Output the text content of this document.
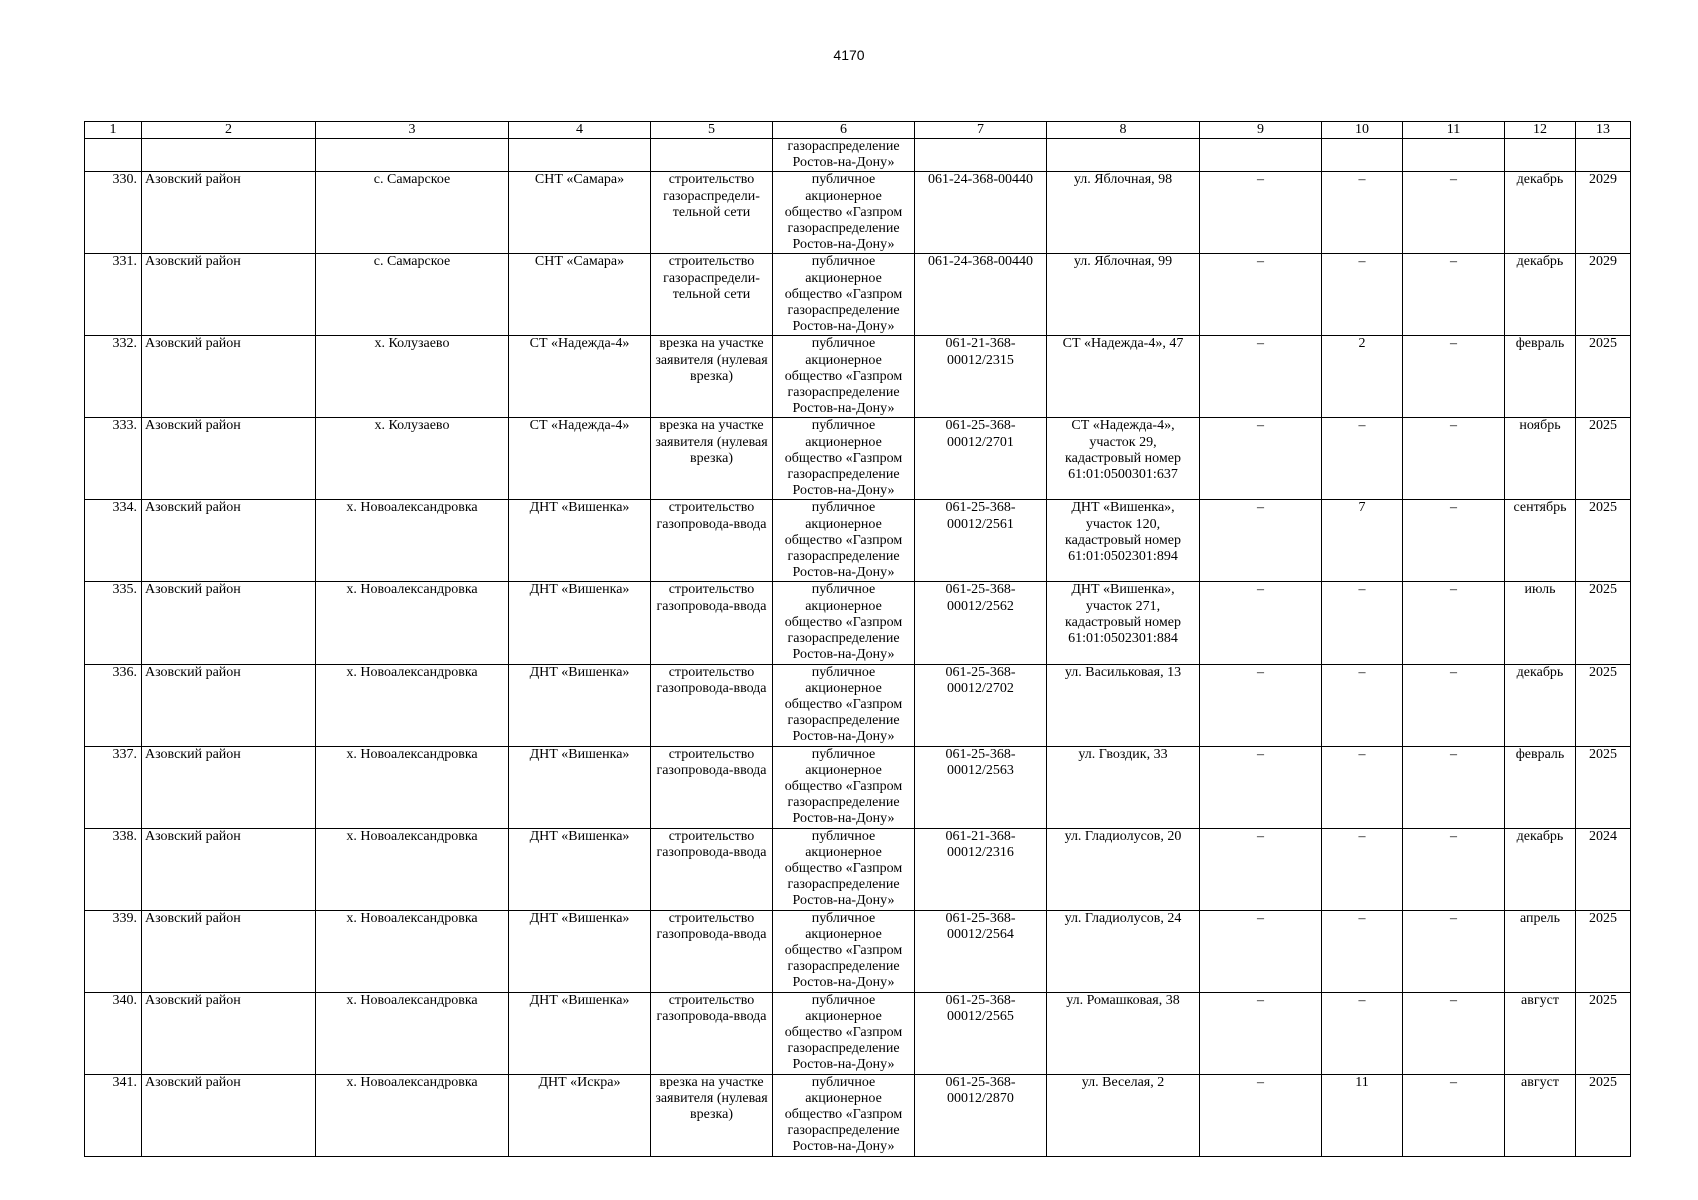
4170
1	2	3	4	5	6	7	8	9	10	11	12	13
					газораспределение Ростов-на-Дону»							
330.	Азовский район	с. Самарское	СНТ «Самара»	строительство газораспредели-тельной сети	публичное акционерное общество «Газпром газораспределение Ростов-на-Дону»	061-24-368-00440	ул. Яблочная, 98	–	–	–	декабрь	2029
331.	Азовский район	с. Самарское	СНТ «Самара»	строительство газораспредели-тельной сети	публичное акционерное общество «Газпром газораспределение Ростов-на-Дону»	061-24-368-00440	ул. Яблочная, 99	–	–	–	декабрь	2029
332.	Азовский район	х. Колузаево	СТ «Надежда-4»	врезка на участке заявителя (нулевая врезка)	публичное акционерное общество «Газпром газораспределение Ростов-на-Дону»	061-21-368-00012/2315	СТ «Надежда-4», 47	–	2	–	февраль	2025
333.	Азовский район	х. Колузаево	СТ «Надежда-4»	врезка на участке заявителя (нулевая врезка)	публичное акционерное общество «Газпром газораспределение Ростов-на-Дону»	061-25-368-00012/2701	СТ «Надежда-4», участок 29, кадастровый номер 61:01:0500301:637	–	–	–	ноябрь	2025
334.	Азовский район	х. Новоалександровка	ДНТ «Вишенка»	строительство газопровода-ввода	публичное акционерное общество «Газпром газораспределение Ростов-на-Дону»	061-25-368-00012/2561	ДНТ «Вишенка», участок 120, кадастровый номер 61:01:0502301:894	–	7	–	сентябрь	2025
335.	Азовский район	х. Новоалександровка	ДНТ «Вишенка»	строительство газопровода-ввода	публичное акционерное общество «Газпром газораспределение Ростов-на-Дону»	061-25-368-00012/2562	ДНТ «Вишенка», участок 271, кадастровый номер 61:01:0502301:884	–	–	–	июль	2025
336.	Азовский район	х. Новоалександровка	ДНТ «Вишенка»	строительство газопровода-ввода	публичное акционерное общество «Газпром газораспределение Ростов-на-Дону»	061-25-368-00012/2702	ул. Васильковая, 13	–	–	–	декабрь	2025
337.	Азовский район	х. Новоалександровка	ДНТ «Вишенка»	строительство газопровода-ввода	публичное акционерное общество «Газпром газораспределение Ростов-на-Дону»	061-25-368-00012/2563	ул. Гвоздик, 33	–	–	–	февраль	2025
338.	Азовский район	х. Новоалександровка	ДНТ «Вишенка»	строительство газопровода-ввода	публичное акционерное общество «Газпром газораспределение Ростов-на-Дону»	061-21-368-00012/2316	ул. Гладиолусов, 20	–	–	–	декабрь	2024
339.	Азовский район	х. Новоалександровка	ДНТ «Вишенка»	строительство газопровода-ввода	публичное акционерное общество «Газпром газораспределение Ростов-на-Дону»	061-25-368-00012/2564	ул. Гладиолусов, 24	–	–	–	апрель	2025
340.	Азовский район	х. Новоалександровка	ДНТ «Вишенка»	строительство газопровода-ввода	публичное акционерное общество «Газпром газораспределение Ростов-на-Дону»	061-25-368-00012/2565	ул. Ромашковая, 38	–	–	–	август	2025
341.	Азовский район	х. Новоалександровка	ДНТ «Искра»	врезка на участке заявителя (нулевая врезка)	публичное акционерное общество «Газпром газораспределение Ростов-на-Дону»	061-25-368-00012/2870	ул. Веселая, 2	–	11	–	август	2025
